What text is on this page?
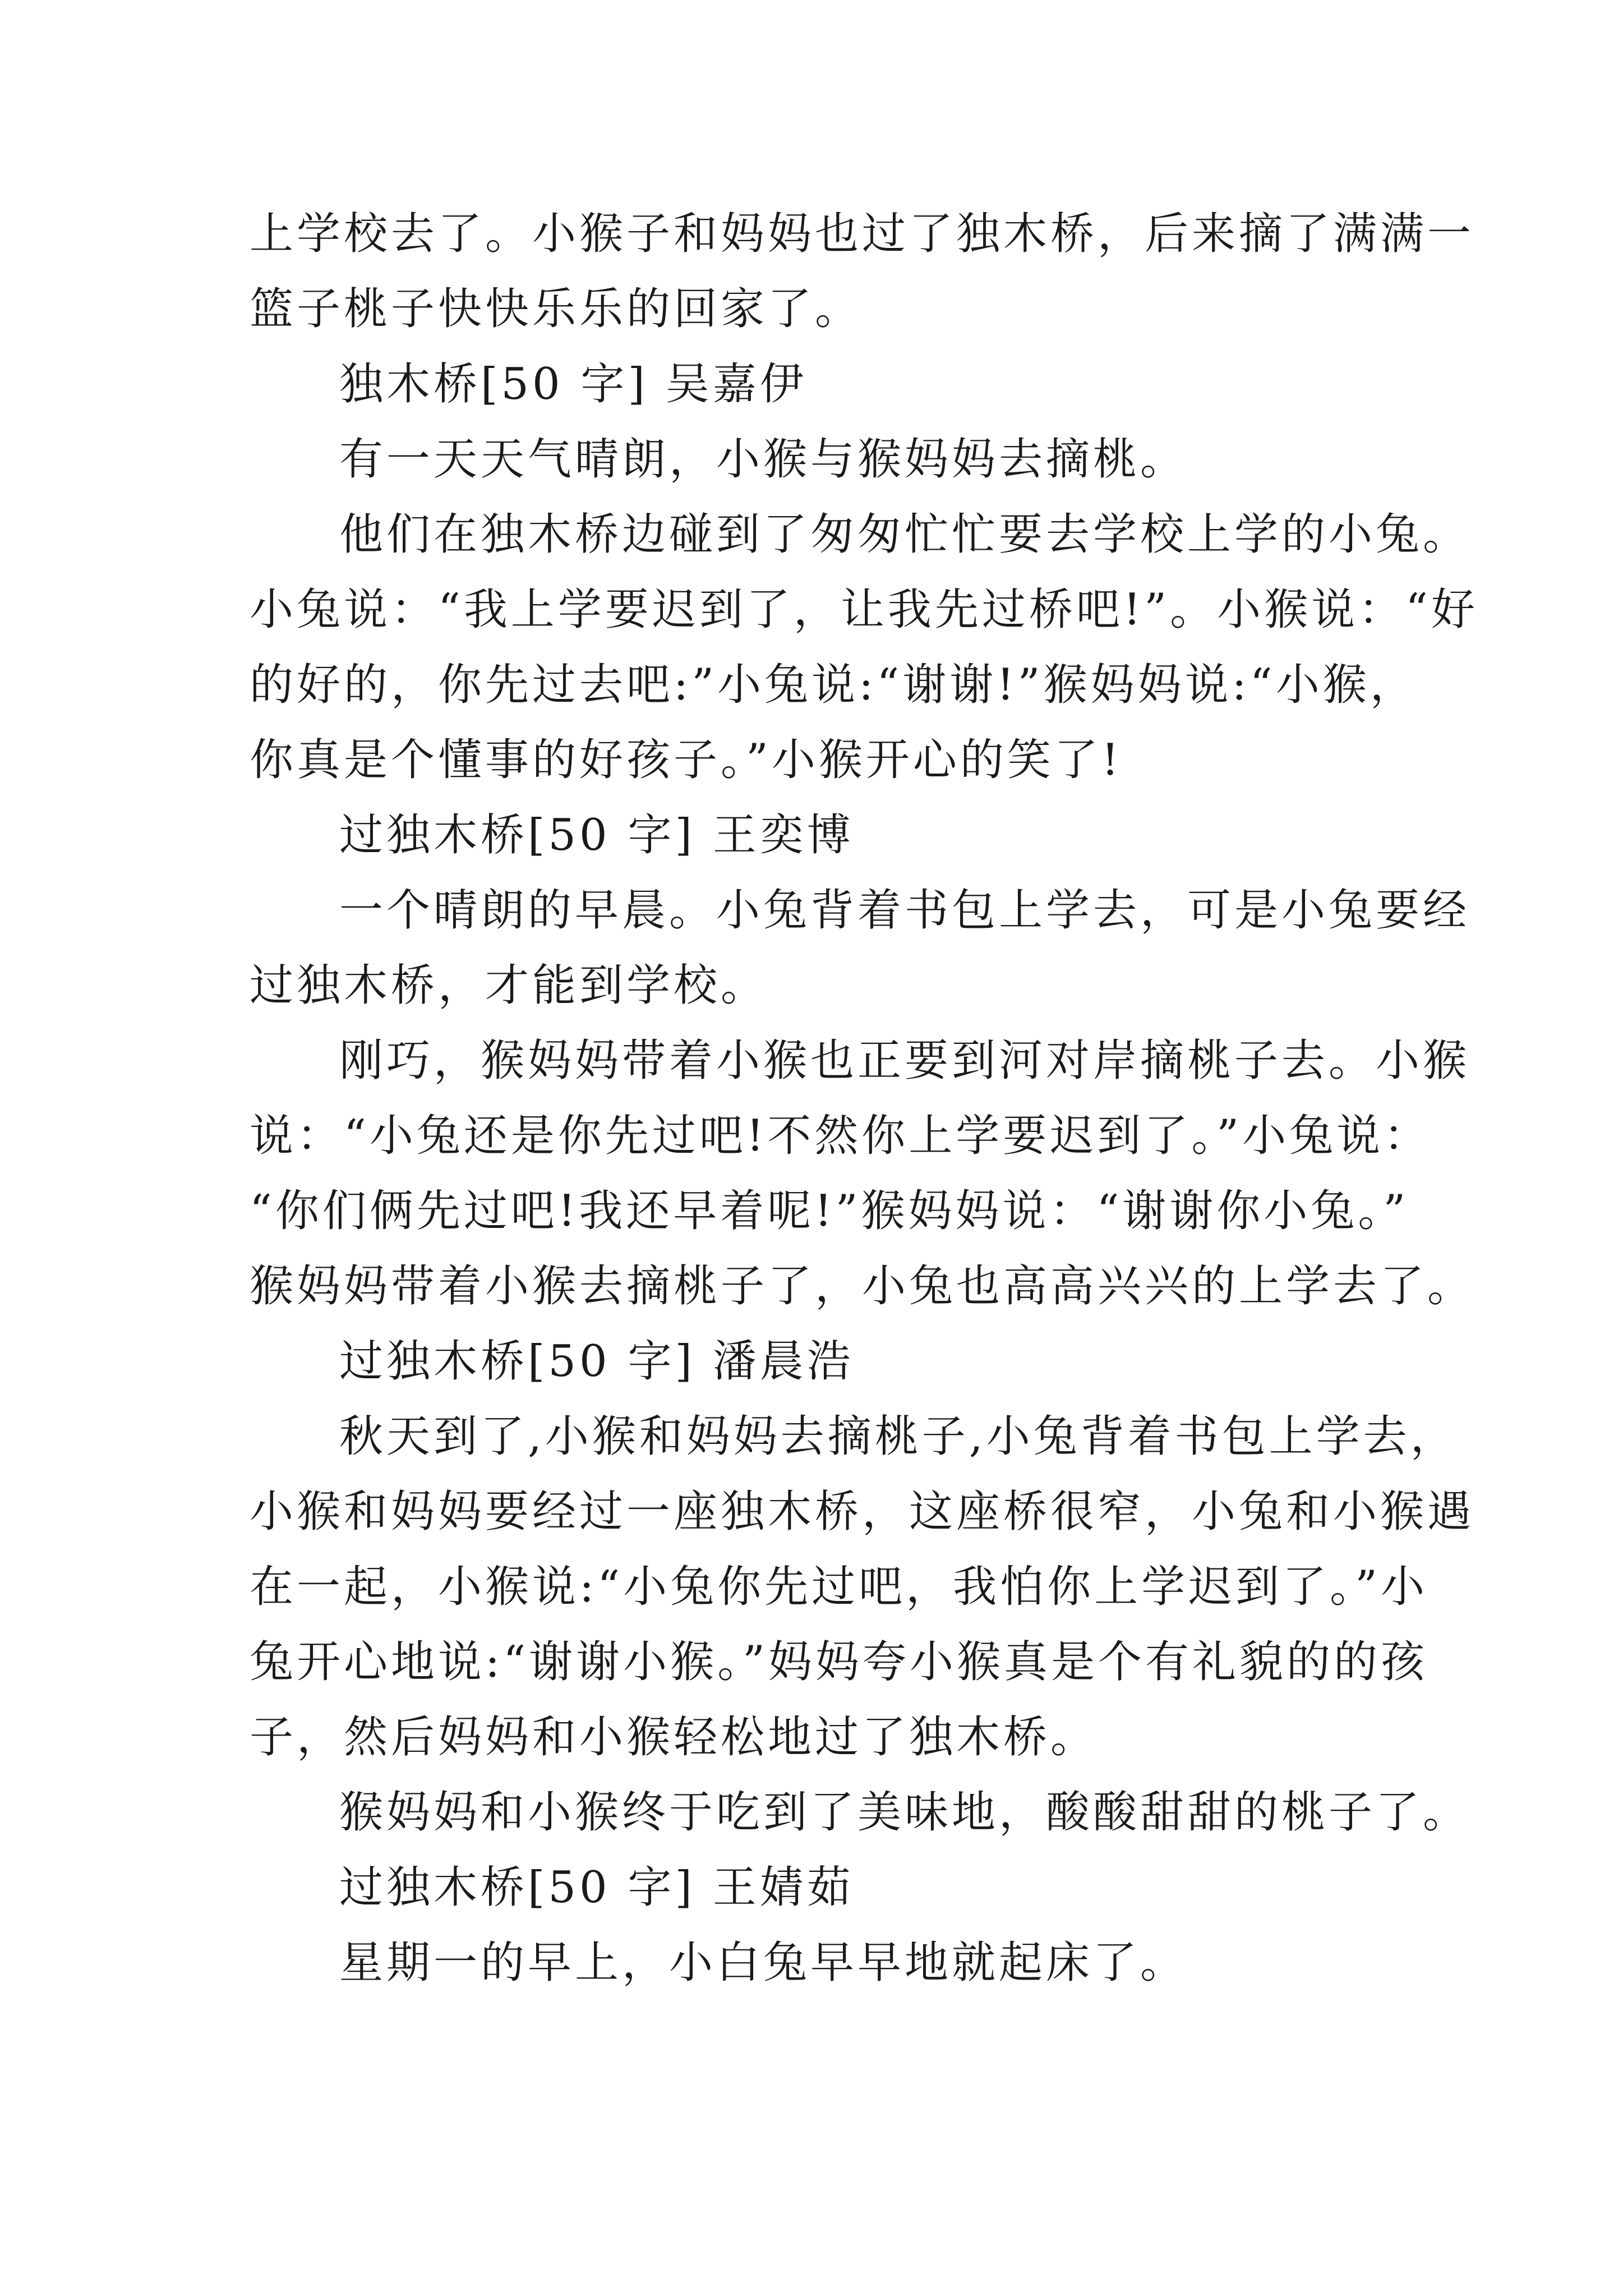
上学校去了。小猴子和妈妈也过了独木桥，后来摘了满满一
篮子桃子快快乐乐的回家了。
独木桥[50 字] 吴嘉伊
有一天天气晴朗，小猴与猴妈妈去摘桃。
他们在独木桥边碰到了匆匆忙忙要去学校上学的小兔。
小兔说：“我上学要迟到了，让我先过桥吧!”。小猴说：“好
的好的，你先过去吧:”小兔说:“谢谢!”猴妈妈说:“小猴，
你真是个懂事的好孩子。”小猴开心的笑了!
过独木桥[50 字] 王奕博
一个晴朗的早晨。小兔背着书包上学去，可是小兔要经
过独木桥，才能到学校。
刚巧，猴妈妈带着小猴也正要到河对岸摘桃子去。小猴
说：“小兔还是你先过吧!不然你上学要迟到了。”小兔说：
“你们俩先过吧!我还早着呢!”猴妈妈说：“谢谢你小兔。”
猴妈妈带着小猴去摘桃子了，小兔也高高兴兴的上学去了。
过独木桥[50 字] 潘晨浩
秋天到了,小猴和妈妈去摘桃子,小兔背着书包上学去，
小猴和妈妈要经过一座独木桥，这座桥很窄，小兔和小猴遇
在一起，小猴说:“小兔你先过吧，我怕你上学迟到了。”小
兔开心地说:“谢谢小猴。”妈妈夸小猴真是个有礼貌的的孩
子，然后妈妈和小猴轻松地过了独木桥。
猴妈妈和小猴终于吃到了美味地，酸酸甜甜的桃子了。
过独木桥[50 字] 王婧茹
星期一的早上，小白兔早早地就起床了。
